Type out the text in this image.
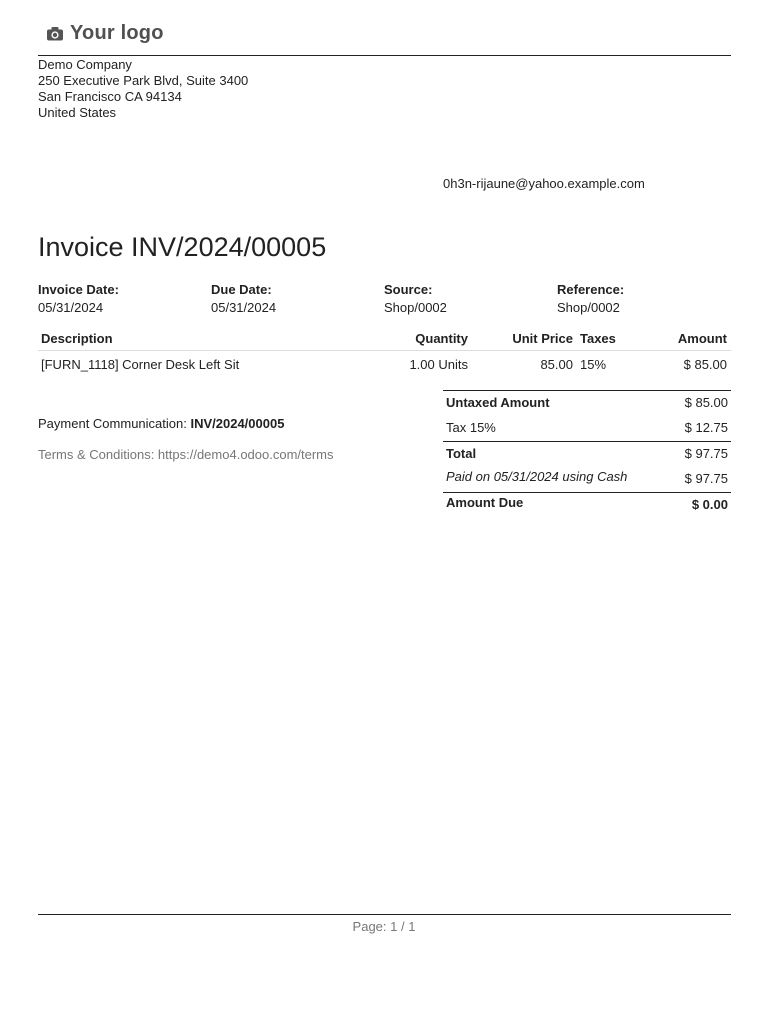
Your logo
Demo Company
250 Executive Park Blvd, Suite 3400
San Francisco CA 94134
United States
0h3n-rijaune@yahoo.example.com
Invoice INV/2024/00005
Invoice Date:
05/31/2024
Due Date:
05/31/2024
Source:
Shop/0002
Reference:
Shop/0002
Description	Quantity	Unit Price Taxes	Amount
[FURN_1118] Corner Desk Left Sit	1.00 Units	85.00 15%	$ 85.00
Payment Communication: INV/2024/00005
Terms & Conditions: https://demo4.odoo.com/terms
Untaxed Amount	$ 85.00
Tax 15%	$ 12.75
Total	$ 97.75
Paid on 05/31/2024 using Cash	$ 97.75
Amount Due	$ 0.00
Page: 1 / 1
